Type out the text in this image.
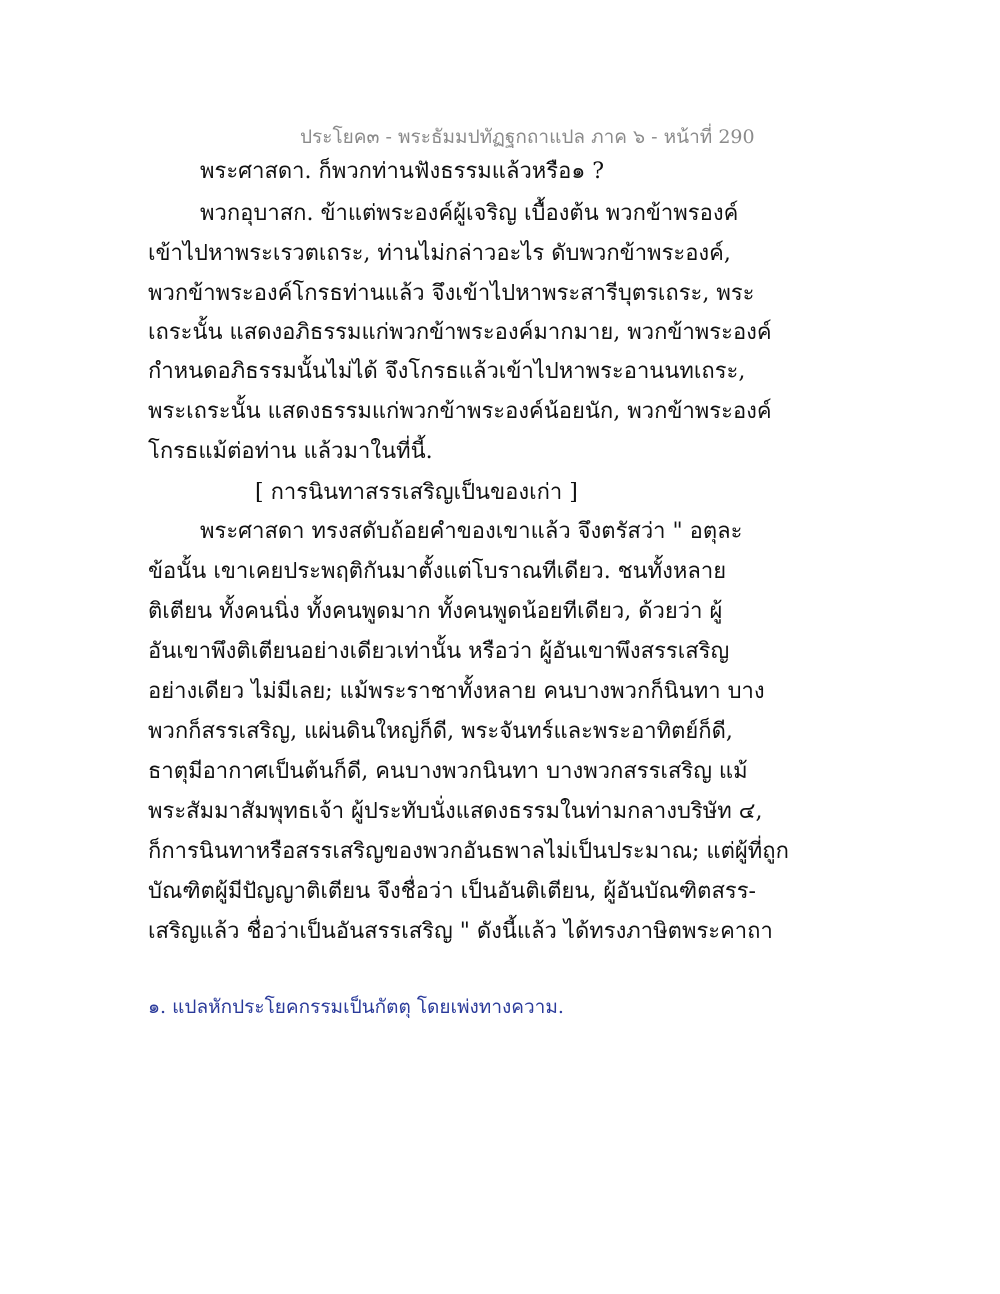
ประโยค๓ - พระธัมมปทัฏฐกถาแปล ภาค ๖ - หน้าที่ 290
พระศาสดา. ก็พวกท่านฟังธรรมแล้วหรือ๑ ?
พวกอุบาสก. ข้าแต่พระองค์ผู้เจริญ เบื้องต้น พวกข้าพรองค์
เข้าไปหาพระเรวตเถระ, ท่านไม่กล่าวอะไร ดับพวกข้าพระองค์,
พวกข้าพระองค์โกรธท่านแล้ว จึงเข้าไปหาพระสารีบุตรเถระ, พระ
เถระนั้น แสดงอภิธรรมแก่พวกข้าพระองค์มากมาย, พวกข้าพระองค์
กำหนดอภิธรรมนั้นไม่ได้ จึงโกรธแล้วเข้าไปหาพระอานนทเถระ,
พระเถระนั้น แสดงธรรมแก่พวกข้าพระองค์น้อยนัก, พวกข้าพระองค์
โกรธแม้ต่อท่าน แล้วมาในที่นี้.
[ การนินทาสรรเสริญเป็นของเก่า ]
พระศาสดา ทรงสดับถ้อยคำของเขาแล้ว จึงตรัสว่า " อตุละ
ข้อนั้น เขาเคยประพฤติกันมาตั้งแต่โบราณทีเดียว. ชนทั้งหลาย
ติเตียน ทั้งคนนิ่ง ทั้งคนพูดมาก ทั้งคนพูดน้อยทีเดียว, ด้วยว่า ผู้
อันเขาพึงติเตียนอย่างเดียวเท่านั้น หรือว่า ผู้อันเขาพึงสรรเสริญ
อย่างเดียว ไม่มีเลย; แม้พระราชาทั้งหลาย คนบางพวกก็นินทา บาง
พวกก็สรรเสริญ, แผ่นดินใหญ่ก็ดี, พระจันทร์และพระอาทิตย์ก็ดี,
ธาตุมีอากาศเป็นต้นก็ดี, คนบางพวกนินทา บางพวกสรรเสริญ แม้
พระสัมมาสัมพุทธเจ้า ผู้ประทับนั่งแสดงธรรมในท่ามกลางบริษัท ๔,
ก็การนินทาหรือสรรเสริญของพวกอันธพาลไม่เป็นประมาณ; แต่ผู้ที่ถูก
บัณฑิตผู้มีปัญญาติเตียน จึงชื่อว่า เป็นอันติเตียน, ผู้อันบัณฑิตสรร-
เสริญแล้ว ชื่อว่าเป็นอันสรรเสริญ " ดังนี้แล้ว ได้ทรงภาษิตพระคาถา
๑. แปลหักประโยคกรรมเป็นกัตตุ โดยเพ่งทางความ.
